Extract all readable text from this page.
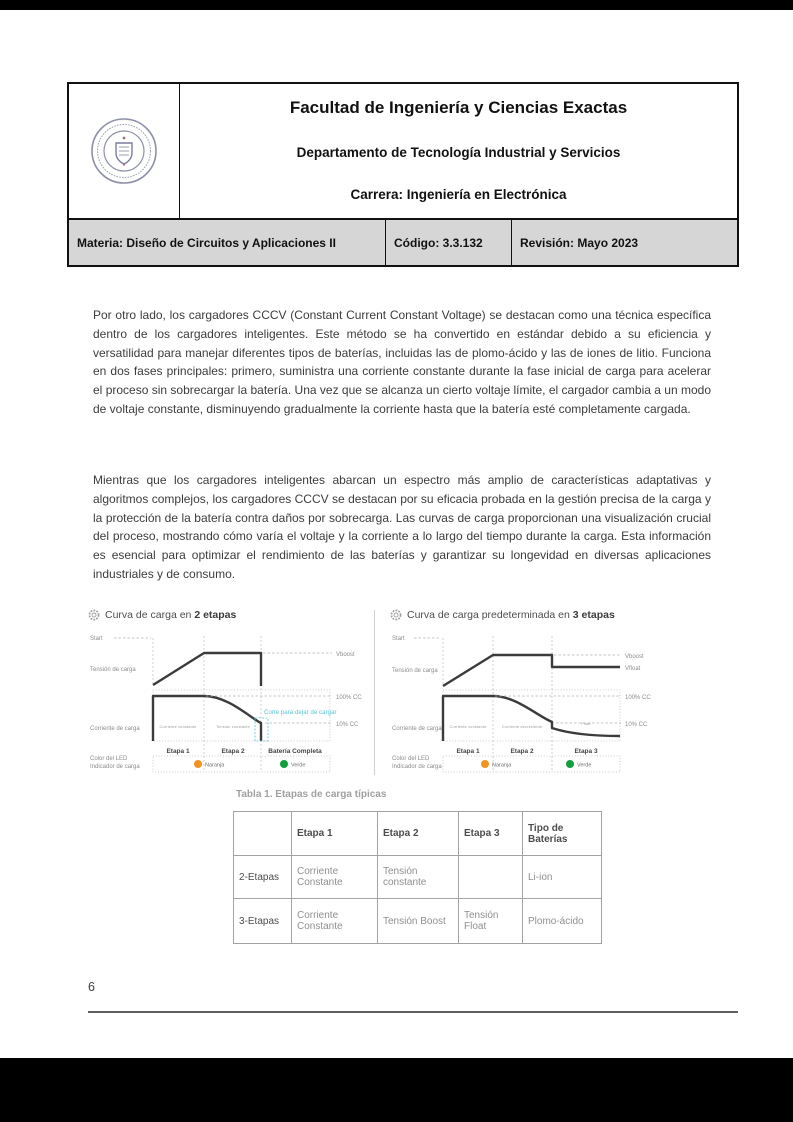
Facultad de Ingeniería y Ciencias Exactas
Departamento de Tecnología Industrial y Servicios
Carrera: Ingeniería en Electrónica
Materia: Diseño de Circuitos y Aplicaciones II	Código: 3.3.132	Revisión: Mayo 2023

Por otro lado, los cargadores CCCV (Constant Current Constant Voltage) se destacan como una técnica específica dentro de los cargadores inteligentes. Este método se ha convertido en estándar debido a su eficiencia y versatilidad para manejar diferentes tipos de baterías, incluidas las de plomo-ácido y las de iones de litio. Funciona en dos fases principales: primero, suministra una corriente constante durante la fase inicial de carga para acelerar el proceso sin sobrecargar la batería. Una vez que se alcanza un cierto voltaje límite, el cargador cambia a un modo de voltaje constante, disminuyendo gradualmente la corriente hasta que la batería esté completamente cargada.

Mientras que los cargadores inteligentes abarcan un espectro más amplio de características adaptativas y algoritmos complejos, los cargadores CCCV se destacan por su eficacia probada en la gestión precisa de la carga y la protección de la batería contra daños por sobrecarga. Las curvas de carga proporcionan una visualización crucial del proceso, mostrando cómo varía el voltaje y la corriente a lo largo del tiempo durante la carga. Esta información es esencial para optimizar el rendimiento de las baterías y garantizar su longevidad en diversas aplicaciones industriales y de consumo.

Curva de carga en 2 etapas
Start
Vboost
Tensión de carga
100% CC
10% CC
Corte para dejar de cargar
Corriente de carga	Corriente constante	Tensión constante
Etapa 1	Etapa 2	Batería Completa
Color del LED
Indicador de carga	Naranja	Verde
Curva de carga predeterminada en 3 etapas
Start
Vboost
Vfloat
Tensión de carga
100% CC
10% CC
Float
Corriente de carga Corriente constante	Corriente decreciente
Etapa 1	Etapa 2	Etapa 3
Color del LED
Indicador de carga	Naranja	Verde
Tabla 1. Etapas de carga típicas
	Etapa 1	Etapa 2	Etapa 3	Tipo de Baterías
2-Etapas	Corriente Constante	Tensión constante		Li-ion
3-Etapas	Corriente Constante	Tensión Boost	Tensión Float	Plomo-ácido
6
